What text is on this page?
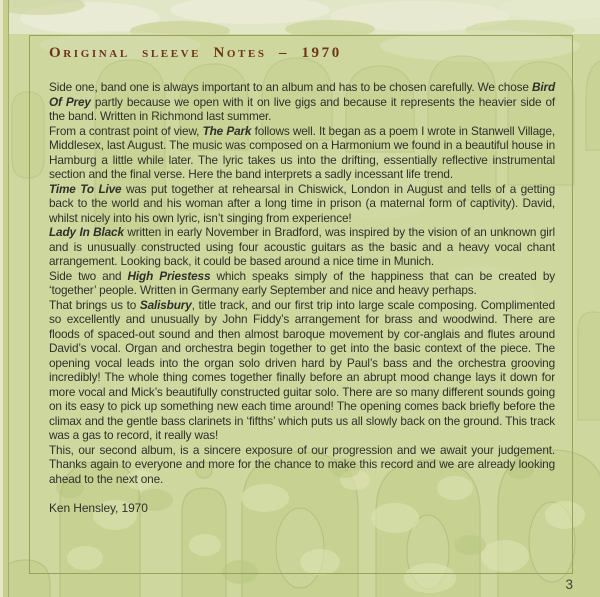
Original sleeve Notes – 1970

Side one, band one is always important to an album and has to be chosen carefully. We chose Bird Of Prey partly because we open with it on live gigs and because it represents the heavier side of the band. Written in Richmond last summer.

From a contrast point of view, The Park follows well. It began as a poem I wrote in Stanwell Village, Middlesex, last August. The music was composed on a Harmonium we found in a beautiful house in Hamburg a little while later. The lyric takes us into the drifting, essentially reflective instrumental section and the final verse. Here the band interprets a sadly incessant life trend.

Time To Live was put together at rehearsal in Chiswick, London in August and tells of a getting back to the world and his woman after a long time in prison (a maternal form of captivity). David, whilst nicely into his own lyric, isn’t singing from experience!

Lady In Black written in early November in Bradford, was inspired by the vision of an unknown girl and is unusually constructed using four acoustic guitars as the basic and a heavy vocal chant arrangement. Looking back, it could be based around a nice time in Munich.

Side two and High Priestess which speaks simply of the happiness that can be created by ‘together’ people. Written in Germany early September and nice and heavy perhaps.

That brings us to Salisbury, title track, and our first trip into large scale composing. Complimented so excellently and unusually by John Fiddy’s arrangement for brass and woodwind. There are floods of spaced-out sound and then almost baroque movement by cor-anglais and flutes around David’s vocal. Organ and orchestra begin together to get into the basic context of the piece. The opening vocal leads into the organ solo driven hard by Paul’s bass and the orchestra grooving incredibly! The whole thing comes together finally before an abrupt mood change lays it down for more vocal and Mick’s beautifully constructed guitar solo. There are so many different sounds going on its easy to pick up something new each time around! The opening comes back briefly before the climax and the gentle bass clarinets in ‘fifths’ which puts us all slowly back on the ground. This track was a gas to record, it really was!

This, our second album, is a sincere exposure of our progression and we await your judgement. Thanks again to everyone and more for the chance to make this record and we are already looking ahead to the next one.

Ken Hensley, 1970

3
